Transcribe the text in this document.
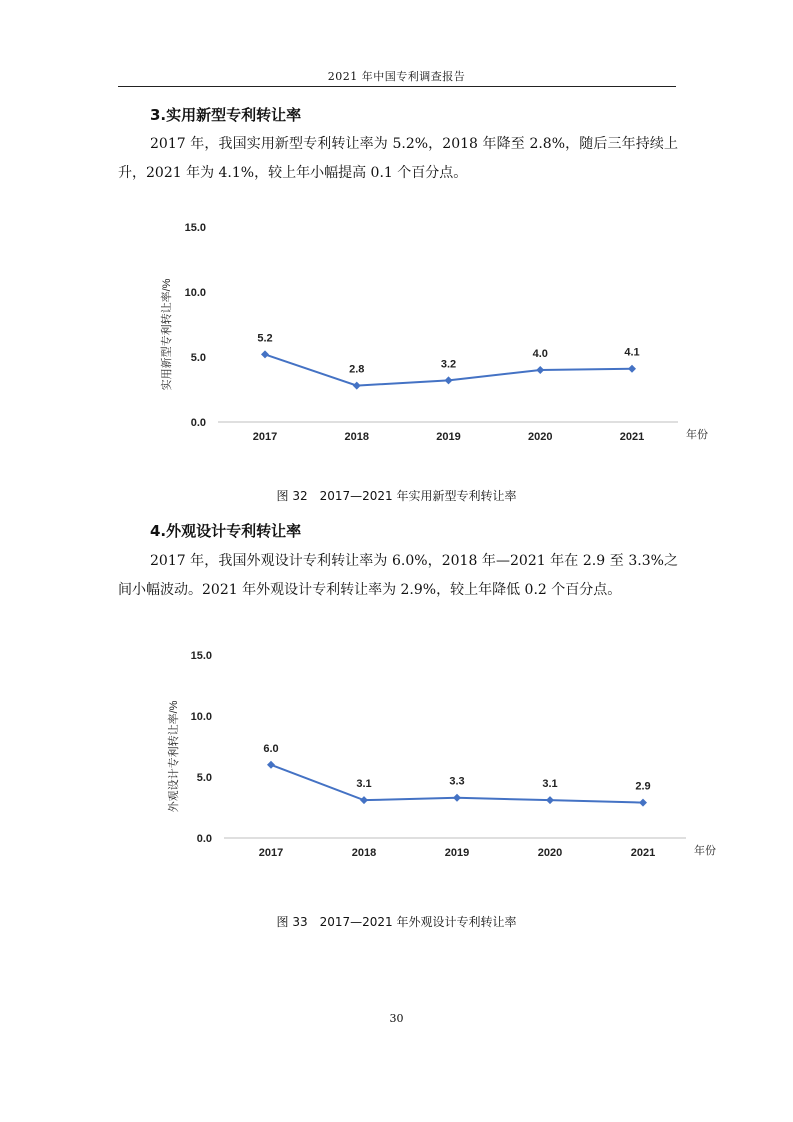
2021 年中国专利调查报告
3.实用新型专利转让率
2017 年，我国实用新型专利转让率为 5.2%，2018 年降至 2.8%，随后三年持续上升，2021 年为 4.1%，较上年小幅提高 0.1 个百分点。
0.0
5.0
10.0
15.0
2017	2018	2019	2020	2021	年份
实用新型专利转让率/%	5.2
2.8	3.2
4.0	4.1
图 32　2017—2021 年实用新型专利转让率
4.外观设计专利转让率
2017 年，我国外观设计专利转让率为 6.0%，2018 年—2021 年在 2.9 至 3.3%之间小幅波动。2021 年外观设计专利转让率为 2.9%，较上年降低 0.2 个百分点。
0.0
5.0
10.0
15.0
2017	2018	2019	2020	2021	年份
外观设计专利转让率/%	6.0
3.1	3.3	3.1	2.9
图 33　2017—2021 年外观设计专利转让率
30
